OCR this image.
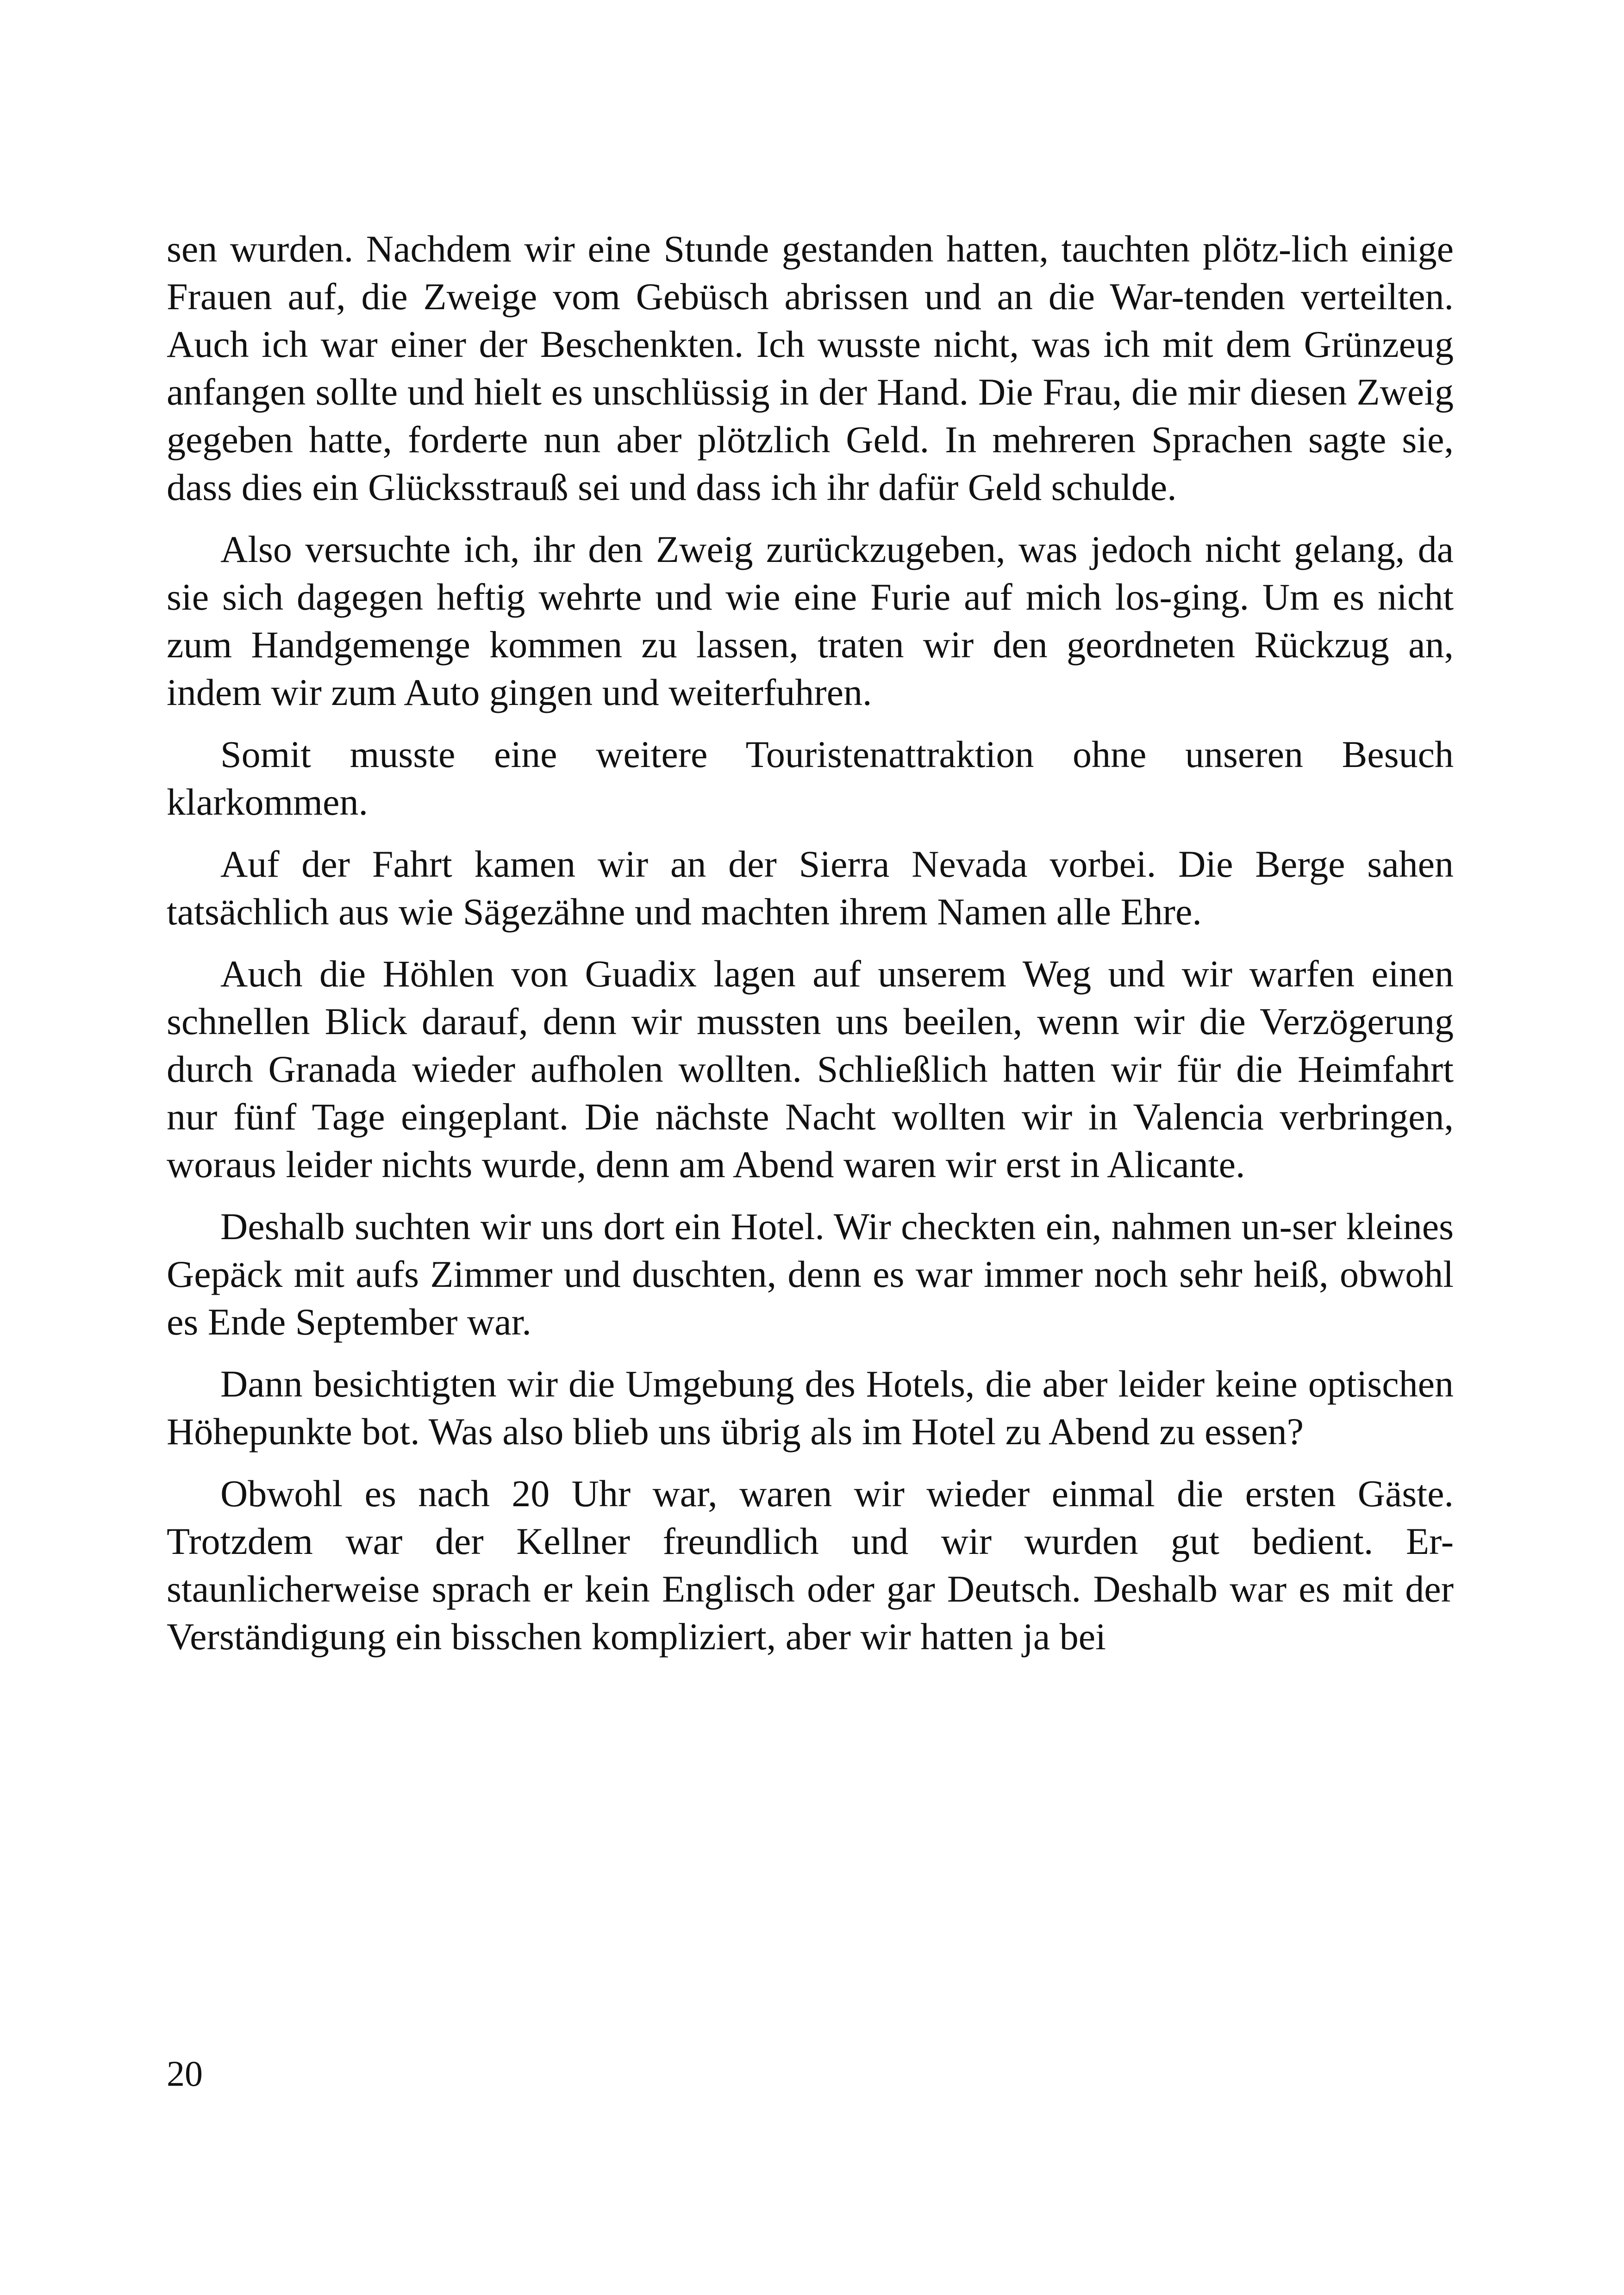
sen wurden. Nachdem wir eine Stunde gestanden hatten, tauchten plötz-lich einige Frauen auf, die Zweige vom Gebüsch abrissen und an die War-tenden verteilten. Auch ich war einer der Beschenkten. Ich wusste nicht, was ich mit dem Grünzeug anfangen sollte und hielt es unschlüssig in der Hand. Die Frau, die mir diesen Zweig gegeben hatte, forderte nun aber plötzlich Geld. In mehreren Sprachen sagte sie, dass dies ein Glücksstrauß sei und dass ich ihr dafür Geld schulde.

Also versuchte ich, ihr den Zweig zurückzugeben, was jedoch nicht gelang, da sie sich dagegen heftig wehrte und wie eine Furie auf mich los-ging. Um es nicht zum Handgemenge kommen zu lassen, traten wir den geordneten Rückzug an, indem wir zum Auto gingen und weiterfuhren.

Somit musste eine weitere Touristenattraktion ohne unseren Besuch klarkommen.

Auf der Fahrt kamen wir an der Sierra Nevada vorbei. Die Berge sahen tatsächlich aus wie Sägezähne und machten ihrem Namen alle Ehre.

Auch die Höhlen von Guadix lagen auf unserem Weg und wir warfen einen schnellen Blick darauf, denn wir mussten uns beeilen, wenn wir die Verzögerung durch Granada wieder aufholen wollten. Schließlich hatten wir für die Heimfahrt nur fünf Tage eingeplant. Die nächste Nacht wollten wir in Valencia verbringen, woraus leider nichts wurde, denn am Abend waren wir erst in Alicante.

Deshalb suchten wir uns dort ein Hotel. Wir checkten ein, nahmen un-ser kleines Gepäck mit aufs Zimmer und duschten, denn es war immer noch sehr heiß, obwohl es Ende September war.

Dann besichtigten wir die Umgebung des Hotels, die aber leider keine optischen Höhepunkte bot. Was also blieb uns übrig als im Hotel zu Abend zu essen?

Obwohl es nach 20 Uhr war, waren wir wieder einmal die ersten Gäste. Trotzdem war der Kellner freundlich und wir wurden gut bedient. Er-staunlicherweise sprach er kein Englisch oder gar Deutsch. Deshalb war es mit der Verständigung ein bisschen kompliziert, aber wir hatten ja bei

20
